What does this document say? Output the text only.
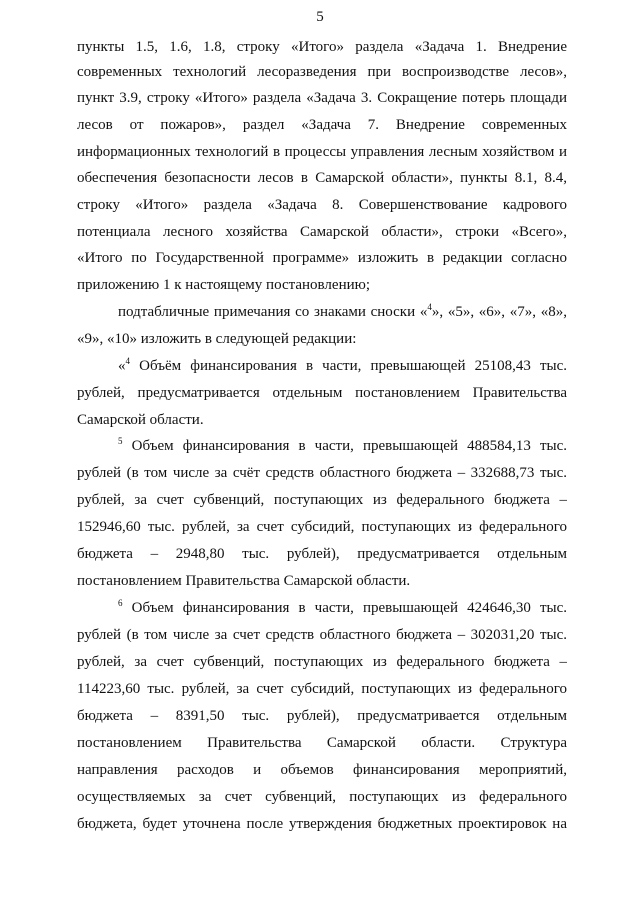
5
пункты 1.5, 1.6, 1.8, строку «Итого» раздела «Задача 1. Внедрение
современных технологий лесоразведения при воспроизводстве лесов»,
пункт 3.9, строку «Итого» раздела «Задача 3. Сокращение потерь площади
лесов от пожаров», раздел «Задача 7. Внедрение современных
информационных технологий в процессы управления лесным хозяйством и
обеспечения безопасности лесов в Самарской области», пункты 8.1, 8.4,
строку «Итого» раздела «Задача 8. Совершенствование кадрового
потенциала лесного хозяйства Самарской области», строки «Всего»,
«Итого по Государственной программе» изложить в редакции согласно
приложению 1 к настоящему постановлению;
подтабличные примечания со знаками сноски «$^4$», «5», «6», «7», «8»,
«9», «10» изложить в следующей редакции:
«$^4$ Объём финансирования в части, превышающей 25108,43 тыс.
рублей, предусматривается отдельным постановлением Правительства
Самарской области.
$^5$ Объем финансирования в части, превышающей 488584,13 тыс.
рублей (в том числе за счёт средств областного бюджета – 332688,73 тыс.
рублей, за счет субвенций, поступающих из федерального бюджета –
152946,60 тыс. рублей, за счет субсидий, поступающих из федерального
бюджета – 2948,80 тыс. рублей), предусматривается отдельным
постановлением Правительства Самарской области.
$^6$ Объем финансирования в части, превышающей 424646,30 тыс.
рублей (в том числе за счет средств областного бюджета – 302031,20 тыс.
рублей, за счет субвенций, поступающих из федерального бюджета –
114223,60 тыс. рублей, за счет субсидий, поступающих из федерального
бюджета – 8391,50 тыс. рублей), предусматривается отдельным
постановлением Правительства Самарской области. Структура
направления расходов и объемов финансирования мероприятий,
осуществляемых за счет субвенций, поступающих из федерального
бюджета, будет уточнена после утверждения бюджетных проектировок на
